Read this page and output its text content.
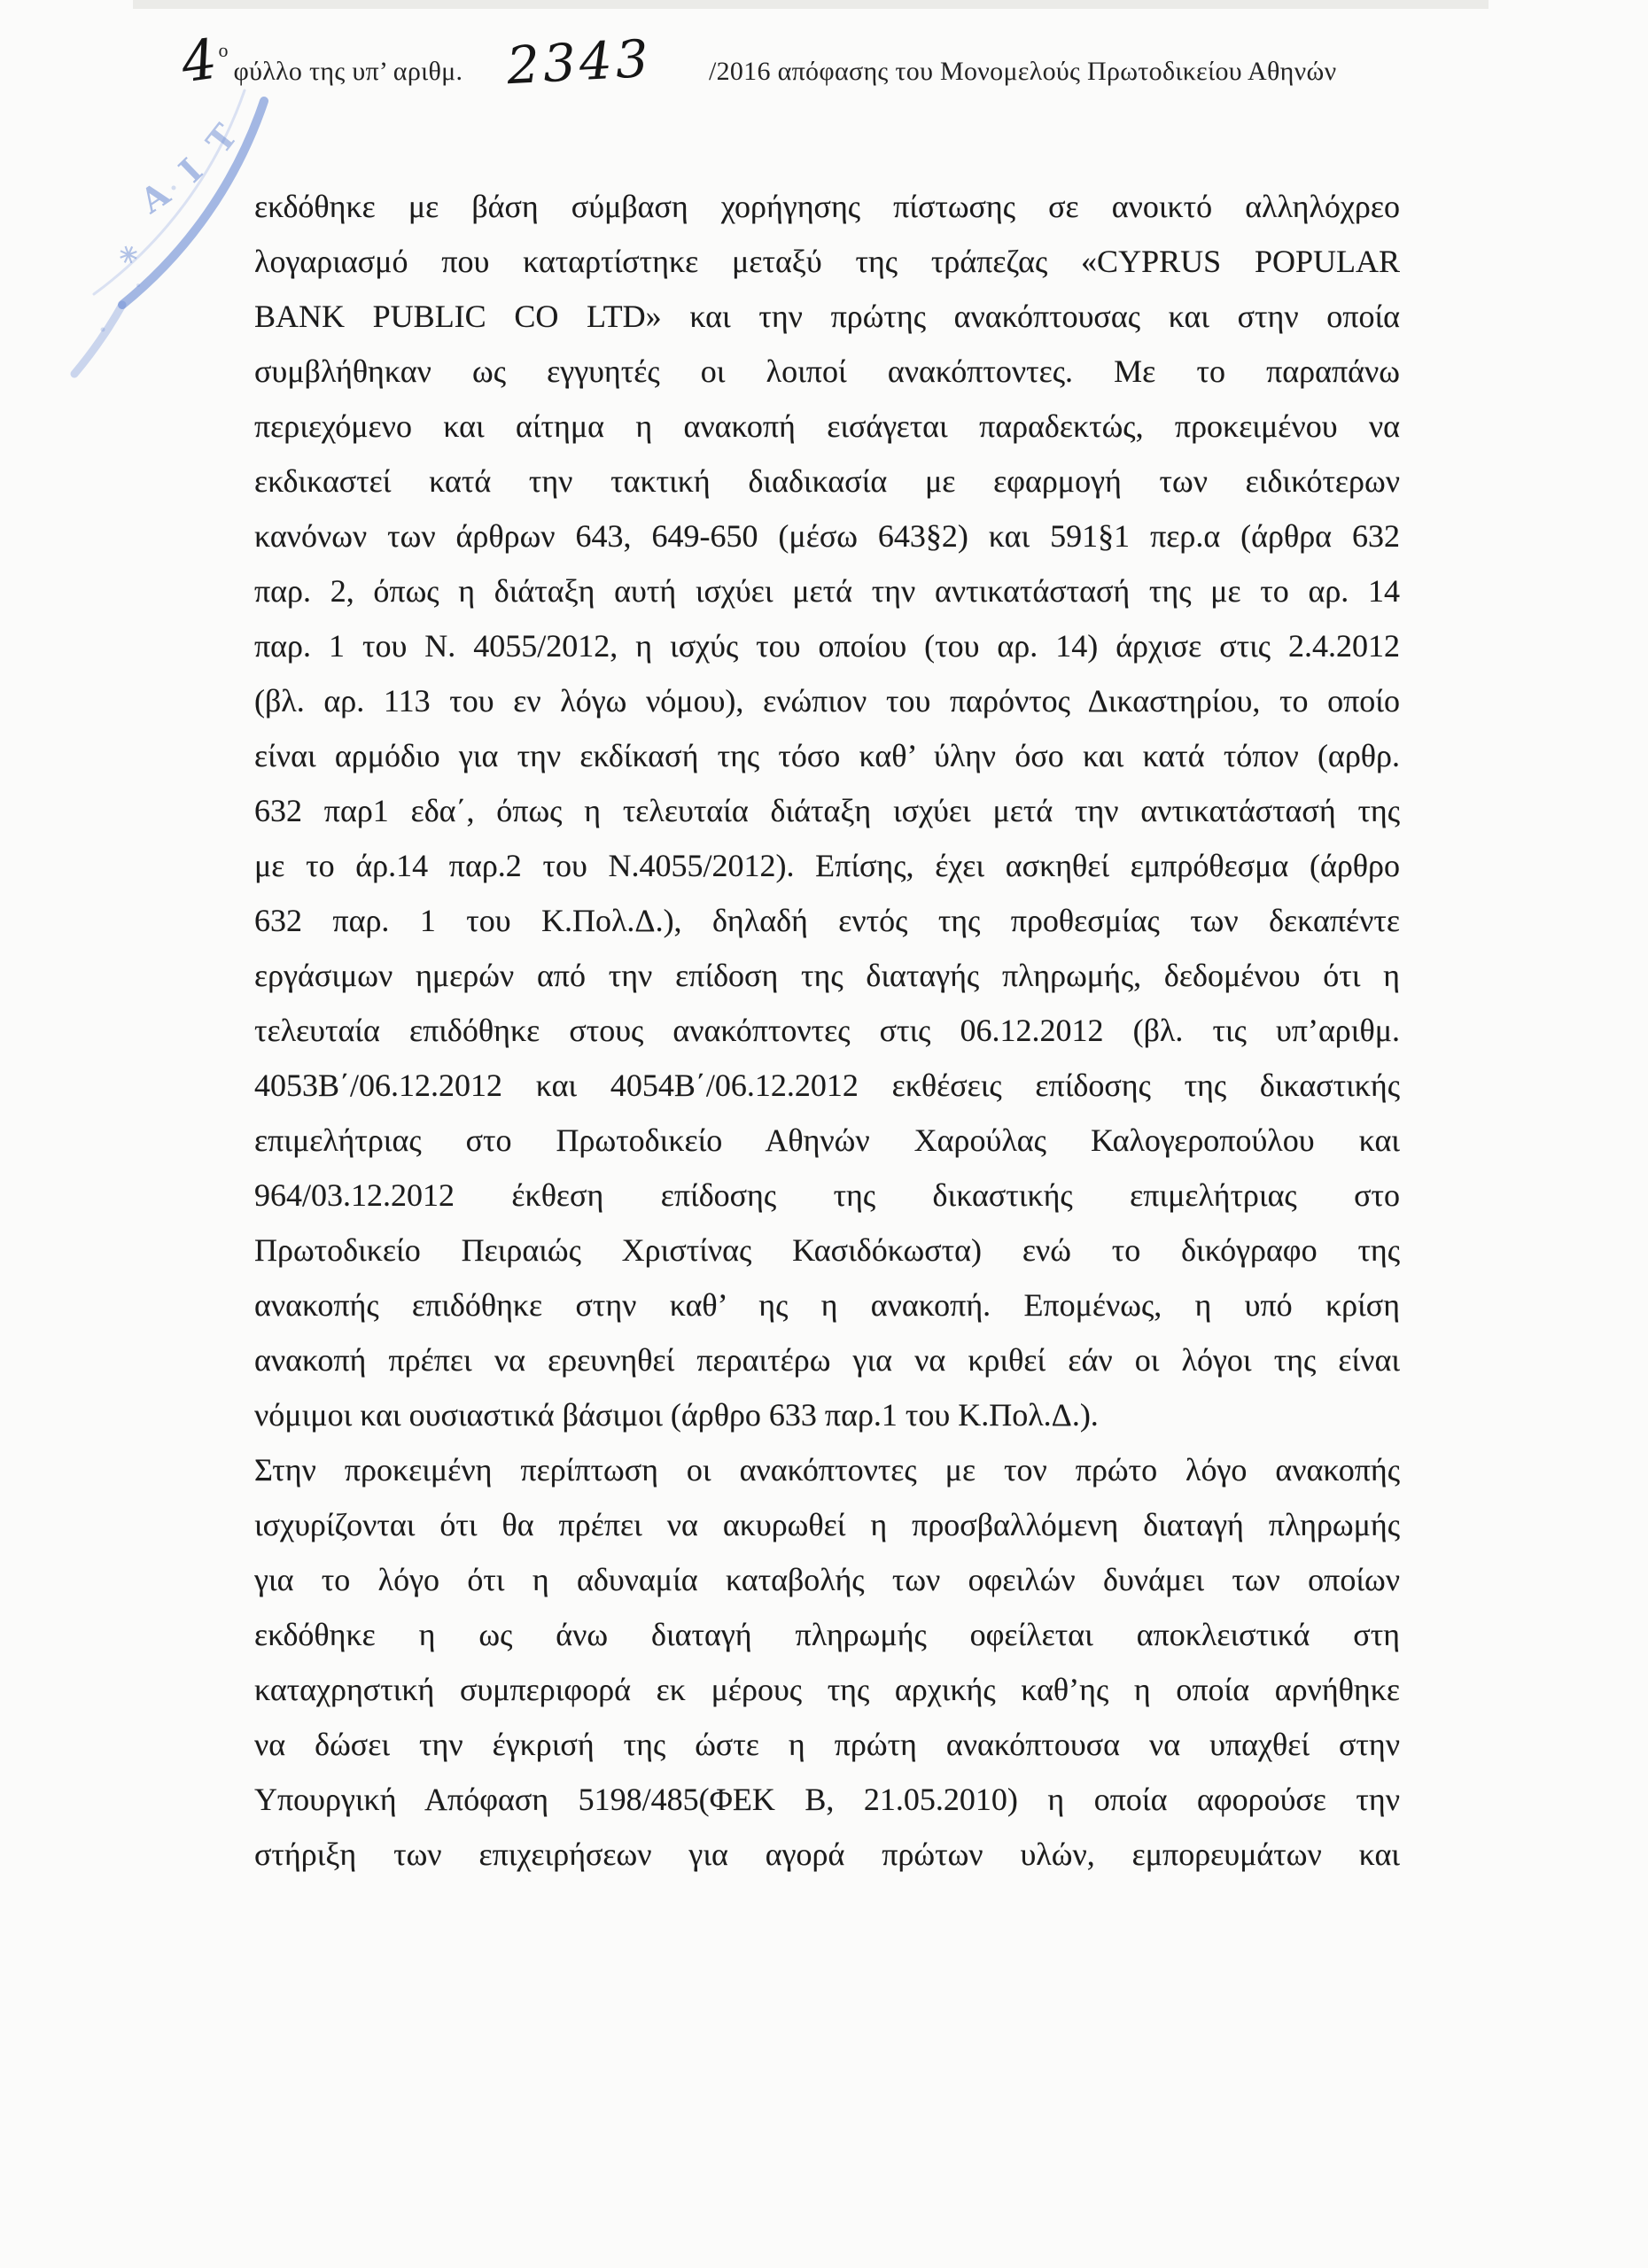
Τ
Ι
Α
✳
4
ο
φύλλο της υπ’ αριθμ. 2343 /2016 απόφασης του Μονομελούς Πρωτοδικείου Αθηνών
εκδόθηκε με βάση σύμβαση χορήγησης πίστωσης σε ανοικτό αλληλόχρεο
λογαριασμό που καταρτίστηκε μεταξύ της τράπεζας «CYPRUS POPULAR
BANK PUBLIC CO LTD» και την πρώτης ανακόπτουσας και στην οποία
συμβλήθηκαν ως εγγυητές οι λοιποί ανακόπτοντες. Με το παραπάνω
περιεχόμενο και αίτημα η ανακοπή εισάγεται παραδεκτώς, προκειμένου να
εκδικαστεί κατά την τακτική διαδικασία με εφαρμογή των ειδικότερων
κανόνων των άρθρων 643, 649-650 (μέσω 643§2) και 591§1 περ.α (άρθρα 632
παρ. 2, όπως η διάταξη αυτή ισχύει μετά την αντικατάστασή της με το αρ. 14
παρ. 1 του Ν. 4055/2012, η ισχύς του οποίου (του αρ. 14) άρχισε στις 2.4.2012
(βλ. αρ. 113 του εν λόγω νόμου), ενώπιον του παρόντος Δικαστηρίου, το οποίο
είναι αρμόδιο για την εκδίκασή της τόσο καθ’ ύλην όσο και κατά τόπον (αρθρ.
632 παρ1 εδα΄, όπως η τελευταία διάταξη ισχύει μετά την αντικατάστασή της
με το άρ.14 παρ.2 του Ν.4055/2012). Επίσης, έχει ασκηθεί εμπρόθεσμα (άρθρο
632 παρ. 1 του Κ.Πολ.Δ.), δηλαδή εντός της προθεσμίας των δεκαπέντε
εργάσιμων ημερών από την επίδοση της διαταγής πληρωμής, δεδομένου ότι η
τελευταία επιδόθηκε στους ανακόπτοντες στις 06.12.2012 (βλ. τις υπ’αριθμ.
4053Β΄/06.12.2012 και 4054Β΄/06.12.2012 εκθέσεις επίδοσης της δικαστικής
επιμελήτριας στο Πρωτοδικείο Αθηνών Χαρούλας Καλογεροπούλου και
964/03.12.2012 έκθεση επίδοσης της δικαστικής επιμελήτριας στο
Πρωτοδικείο Πειραιώς Χριστίνας Κασιδόκωστα) ενώ το δικόγραφο της
ανακοπής επιδόθηκε στην καθ’ ης η ανακοπή. Επομένως, η υπό κρίση
ανακοπή πρέπει να ερευνηθεί περαιτέρω για να κριθεί εάν οι λόγοι της είναι
νόμιμοι και ουσιαστικά βάσιμοι (άρθρο 633 παρ.1 του Κ.Πολ.Δ.).
Στην προκειμένη περίπτωση οι ανακόπτοντες με τον πρώτο λόγο ανακοπής
ισχυρίζονται ότι θα πρέπει να ακυρωθεί η προσβαλλόμενη διαταγή πληρωμής
για το λόγο ότι η αδυναμία καταβολής των οφειλών δυνάμει των οποίων
εκδόθηκε η ως άνω διαταγή πληρωμής οφείλεται αποκλειστικά στη
καταχρηστική συμπεριφορά εκ μέρους της αρχικής καθ’ης η οποία αρνήθηκε
να δώσει την έγκρισή της ώστε η πρώτη ανακόπτουσα να υπαχθεί στην
Υπουργική Απόφαση 5198/485(ΦΕΚ Β, 21.05.2010) η οποία αφορούσε την
στήριξη των επιχειρήσεων για αγορά πρώτων υλών, εμπορευμάτων και
